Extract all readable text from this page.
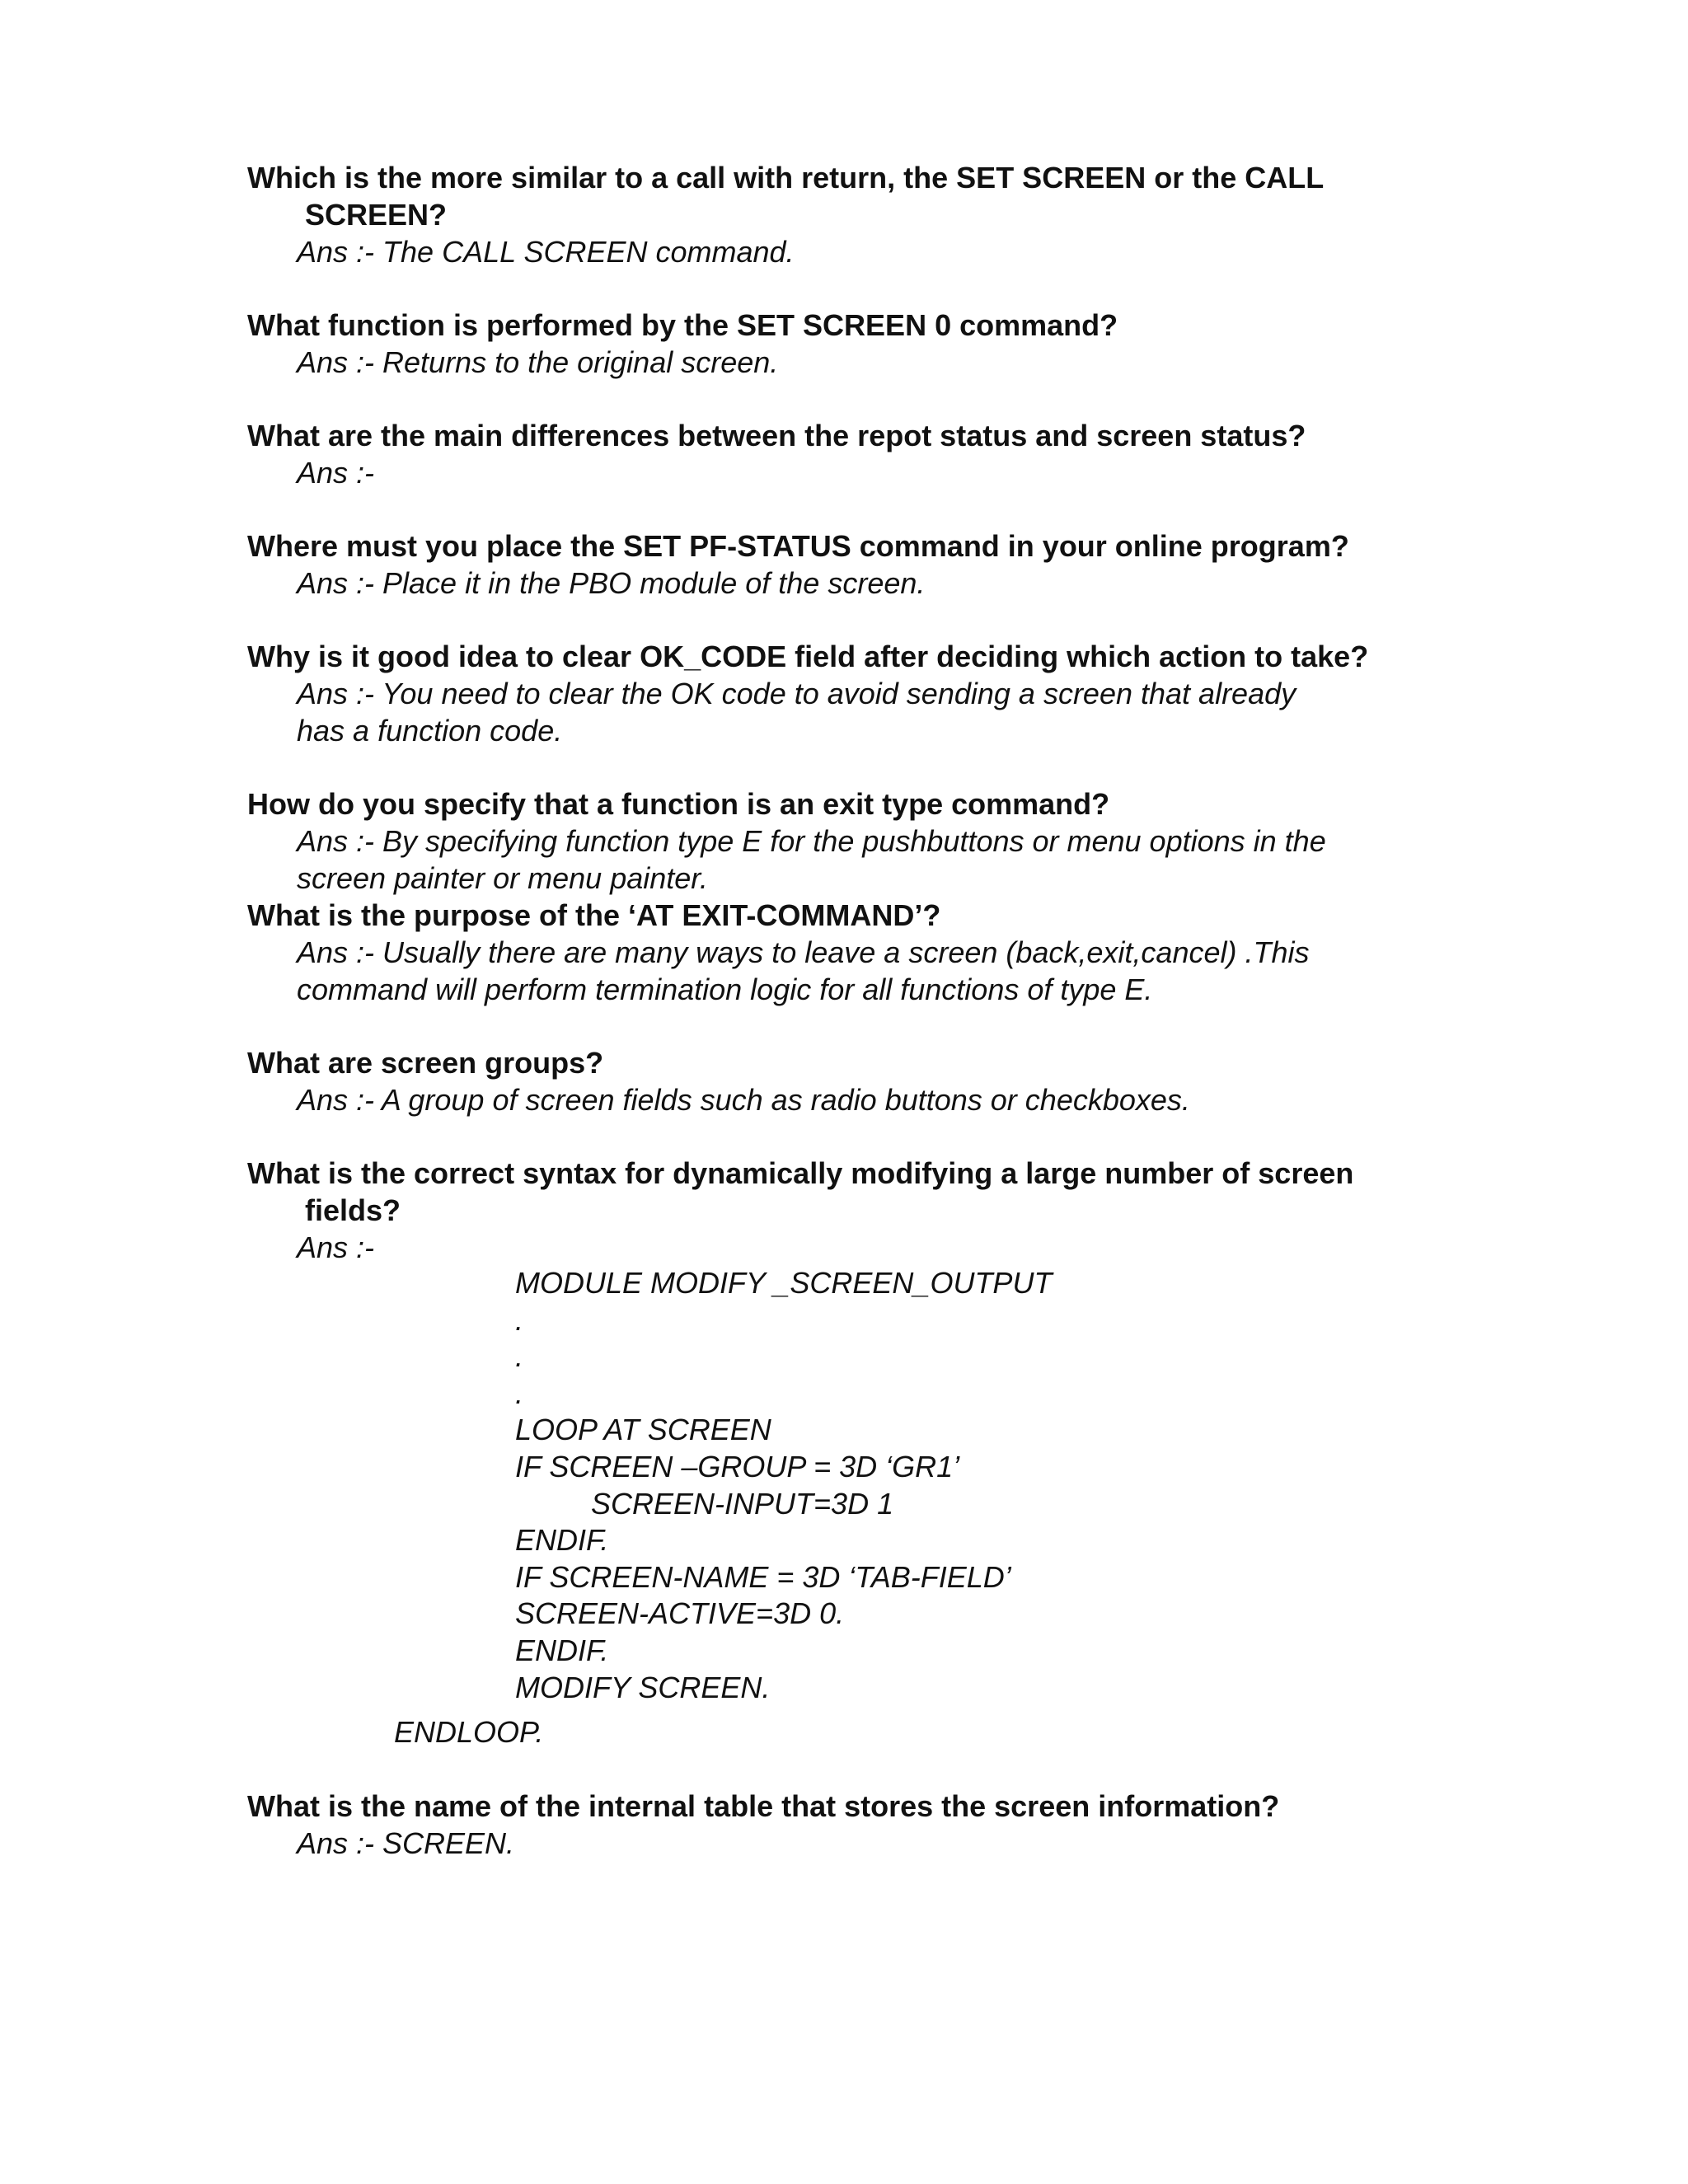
Which is the more similar to a call with return, the SET SCREEN or the CALL
SCREEN?

Ans :- The CALL SCREEN command.

What function is performed by the SET SCREEN 0 command?

Ans :- Returns to the original screen.

What are the main differences between the repot status and screen status?

Ans :-

Where must you place the SET PF-STATUS command in your online program?

Ans :- Place it in the PBO module of the screen.

Why is it good idea to clear OK_CODE field after deciding which action to take?

Ans :- You need to clear the OK code to avoid sending a screen that already
has a function code.

How do you specify that a function is an exit type command?

Ans :- By specifying function type E for the pushbuttons or menu options in the
screen painter or menu painter.

What is the purpose of the ‘AT EXIT-COMMAND’?

Ans :- Usually there are many ways to leave a screen (back,exit,cancel) .This
command will perform termination logic for all functions of type E.

What are screen groups?

Ans :- A group of screen fields such as radio buttons or checkboxes.

What is the correct syntax for dynamically modifying a large number of screen
fields?

Ans :-

MODULE MODIFY _SCREEN_OUTPUT
.
.
.
LOOP AT SCREEN
IF SCREEN –GROUP = 3D ‘GR1’
SCREEN-INPUT=3D 1
ENDIF.
IF SCREEN-NAME = 3D ‘TAB-FIELD’
SCREEN-ACTIVE=3D 0.
ENDIF.
MODIFY SCREEN.

ENDLOOP.

What is the name of the internal table that stores the screen information?

Ans :- SCREEN.
